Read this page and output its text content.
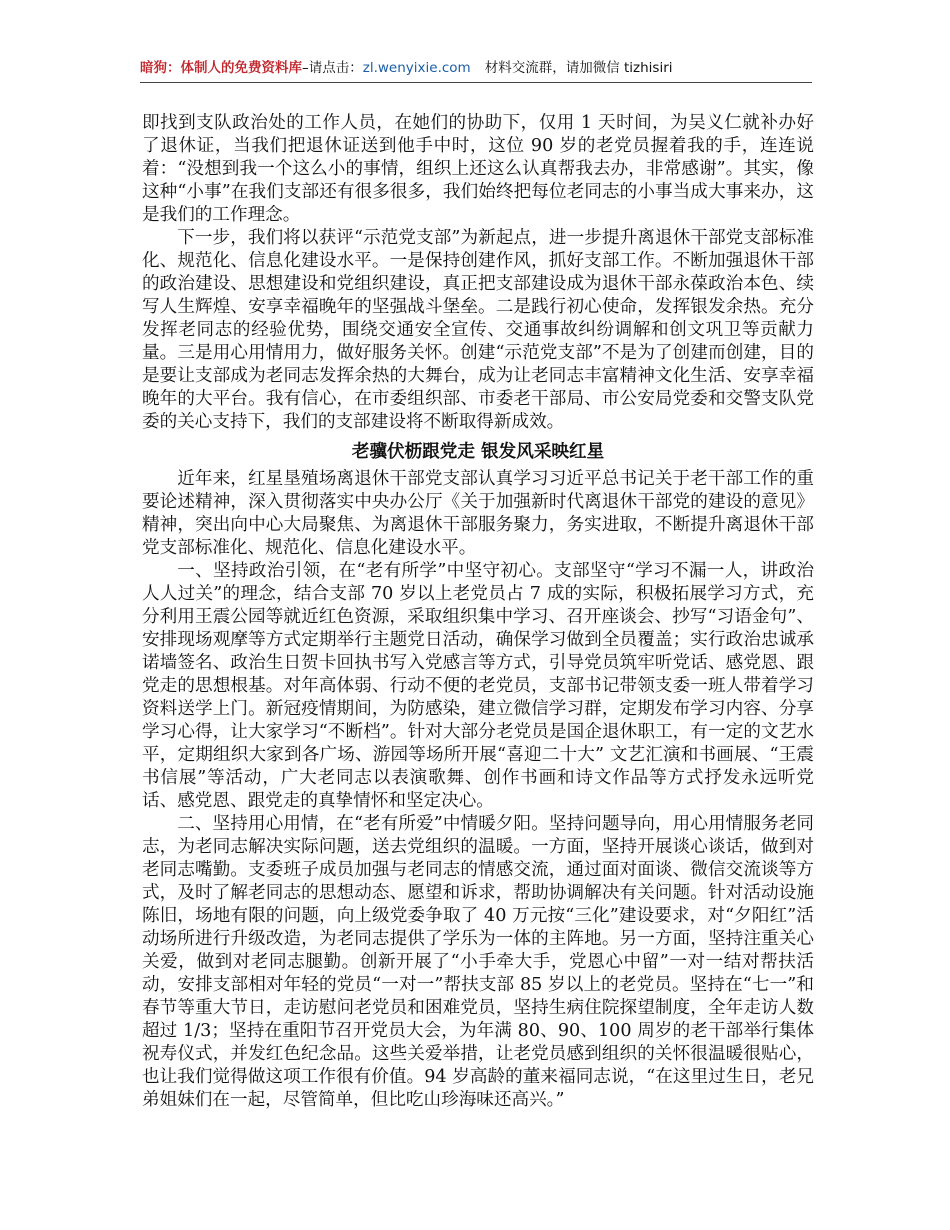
暗狗：体制人的免费资料库–请点击：zl.wenyixie.com 材料交流群，请加微信 tizhisiri

即找到支队政治处的工作人员，在她们的协助下，仅用 1 天时间，为吴义仁就补办好了退休证，当我们把退休证送到他手中时，这位 90 岁的老党员握着我的手，连连说着：“没想到我一个这么小的事情，组织上还这么认真帮我去办，非常感谢”。其实，像这种“小事”在我们支部还有很多很多，我们始终把每位老同志的小事当成大事来办，这是我们的工作理念。

下一步，我们将以获评“示范党支部”为新起点，进一步提升离退休干部党支部标准化、规范化、信息化建设水平。一是保持创建作风，抓好支部工作。不断加强退休干部的政治建设、思想建设和党组织建设，真正把支部建设成为退休干部永葆政治本色、续写人生辉煌、安享幸福晚年的坚强战斗堡垒。二是践行初心使命，发挥银发余热。充分发挥老同志的经验优势，围绕交通安全宣传、交通事故纠纷调解和创文巩卫等贡献力量。三是用心用情用力，做好服务关怀。创建“示范党支部”不是为了创建而创建，目的是要让支部成为老同志发挥余热的大舞台，成为让老同志丰富精神文化生活、安享幸福晚年的大平台。我有信心，在市委组织部、市委老干部局、市公安局党委和交警支队党委的关心支持下，我们的支部建设将不断取得新成效。

老骥伏枥跟党走 银发风采映红星

近年来，红星垦殖场离退休干部党支部认真学习习近平总书记关于老干部工作的重要论述精神，深入贯彻落实中央办公厅《关于加强新时代离退休干部党的建设的意见》精神，突出向中心大局聚焦、为离退休干部服务聚力，务实进取，不断提升离退休干部党支部标准化、规范化、信息化建设水平。

一、坚持政治引领，在“老有所学”中坚守初心。支部坚守“学习不漏一人，讲政治人人过关”的理念，结合支部 70 岁以上老党员占 7 成的实际，积极拓展学习方式，充分利用王震公园等就近红色资源，采取组织集中学习、召开座谈会、抄写“习语金句”、安排现场观摩等方式定期举行主题党日活动，确保学习做到全员覆盖；实行政治忠诚承诺墙签名、政治生日贺卡回执书写入党感言等方式，引导党员筑牢听党话、感党恩、跟党走的思想根基。对年高体弱、行动不便的老党员，支部书记带领支委一班人带着学习资料送学上门。新冠疫情期间，为防感染，建立微信学习群，定期发布学习内容、分享学习心得，让大家学习“不断档”。针对大部分老党员是国企退休职工，有一定的文艺水平，定期组织大家到各广场、游园等场所开展“喜迎二十大” 文艺汇演和书画展、“王震书信展”等活动，广大老同志以表演歌舞、创作书画和诗文作品等方式抒发永远听党话、感党恩、跟党走的真挚情怀和坚定决心。

二、坚持用心用情，在“老有所爱”中情暖夕阳。坚持问题导向，用心用情服务老同志，为老同志解决实际问题，送去党组织的温暖。一方面，坚持开展谈心谈话，做到对老同志嘴勤。支委班子成员加强与老同志的情感交流，通过面对面谈、微信交流谈等方式，及时了解老同志的思想动态、愿望和诉求，帮助协调解决有关问题。针对活动设施陈旧，场地有限的问题，向上级党委争取了 40 万元按“三化”建设要求，对“夕阳红”活动场所进行升级改造，为老同志提供了学乐为一体的主阵地。另一方面，坚持注重关心关爱，做到对老同志腿勤。创新开展了“小手牵大手，党恩心中留”一对一结对帮扶活动，安排支部相对年轻的党员“一对一”帮扶支部 85 岁以上的老党员。坚持在“七一”和春节等重大节日，走访慰问老党员和困难党员，坚持生病住院探望制度，全年走访人数超过 1/3；坚持在重阳节召开党员大会，为年满 80、90、100 周岁的老干部举行集体祝寿仪式，并发红色纪念品。这些关爱举措，让老党员感到组织的关怀很温暖很贴心，也让我们觉得做这项工作很有价值。94 岁高龄的董来福同志说，“在这里过生日，老兄弟姐妹们在一起，尽管简单，但比吃山珍海味还高兴。”
